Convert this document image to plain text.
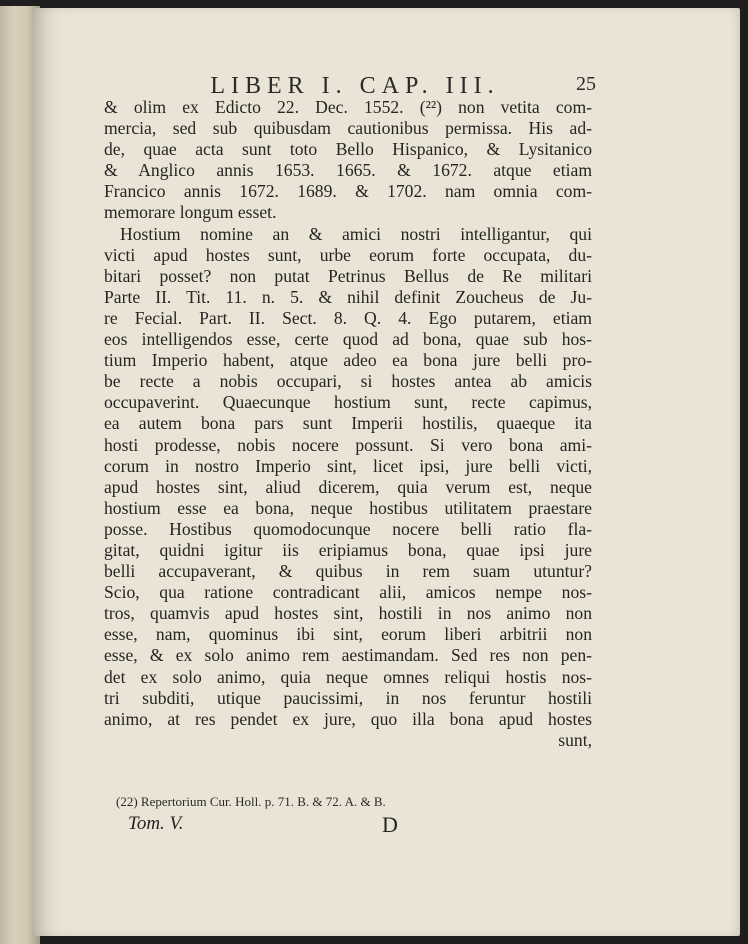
LIBER I. CAP. III.	25
& olim ex Edicto 22. Dec. 1552. (²²) non vetita com-
mercia, sed sub quibusdam cautionibus permissa. His ad-
de, quae acta sunt toto Bello Hispanico, & Lysitanico
& Anglico annis 1653. 1665. & 1672. atque etiam
Francico annis 1672. 1689. & 1702. nam omnia com-
memorare longum esset.
Hostium nomine an & amici nostri intelligantur, qui
victi apud hostes sunt, urbe eorum forte occupata, du-
bitari posset? non putat Petrinus Bellus de Re militari
Parte II. Tit. 11. n. 5. & nihil definit Zoucheus de Ju-
re Fecial. Part. II. Sect. 8. Q. 4. Ego putarem, etiam
eos intelligendos esse, certe quod ad bona, quae sub hos-
tium Imperio habent, atque adeo ea bona jure belli pro-
be recte a nobis occupari, si hostes antea ab amicis
occupaverint. Quaecunque hostium sunt, recte capimus,
ea autem bona pars sunt Imperii hostilis, quaeque ita
hosti prodesse, nobis nocere possunt. Si vero bona ami-
corum in nostro Imperio sint, licet ipsi, jure belli victi,
apud hostes sint, aliud dicerem, quia verum est, neque
hostium esse ea bona, neque hostibus utilitatem praestare
posse. Hostibus quomodocunque nocere belli ratio fla-
gitat, quidni igitur iis eripiamus bona, quae ipsi jure
belli accupaverant, & quibus in rem suam utuntur?
Scio, qua ratione contradicant alii, amicos nempe nos-
tros, quamvis apud hostes sint, hostili in nos animo non
esse, nam, quominus ibi sint, eorum liberi arbitrii non
esse, & ex solo animo rem aestimandam. Sed res non pen-
det ex solo animo, quia neque omnes reliqui hostis nos-
tri subditi, utique paucissimi, in nos feruntur hostili
animo, at res pendet ex jure, quo illa bona apud hostes
sunt,
(22) Repertorium Cur. Holl. p. 71. B. & 72. A. & B.
Tom. V.	D
